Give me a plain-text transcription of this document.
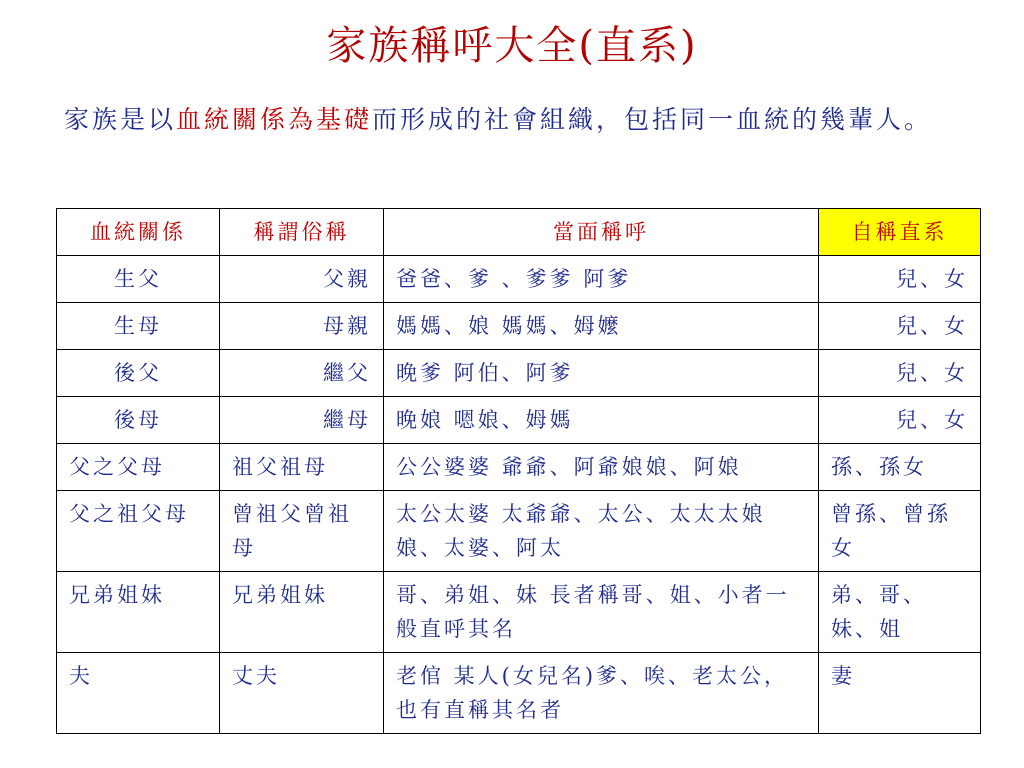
家族稱呼大全(直系)
家族是以血統關係為基礎而形成的社會組織，包括同一血統的幾輩人。
血統關係	稱謂俗稱	當面稱呼	自稱直系
生父	父親	爸爸、爹 、爹爹 阿爹	兒、女
生母	母親	媽媽、娘 媽媽、姆嬤	兒、女
後父	繼父	晚爹 阿伯、阿爹	兒、女
後母	繼母	晚娘 嗯娘、姆媽	兒、女
父之父母	祖父祖母	公公婆婆 爺爺、阿爺娘娘、阿娘	孫、孫女
父之祖父母	曾祖父曾祖母	太公太婆 太爺爺、太公、太太太娘娘、太婆、阿太	曾孫、曾孫女
兄弟姐妹	兄弟姐妹	哥、弟姐、妹 長者稱哥、姐、小者一般直呼其名	弟、哥、妹、姐
夫	丈夫	老倌 某人(女兒名)爹、唉、老太公，也有直稱其名者	妻
